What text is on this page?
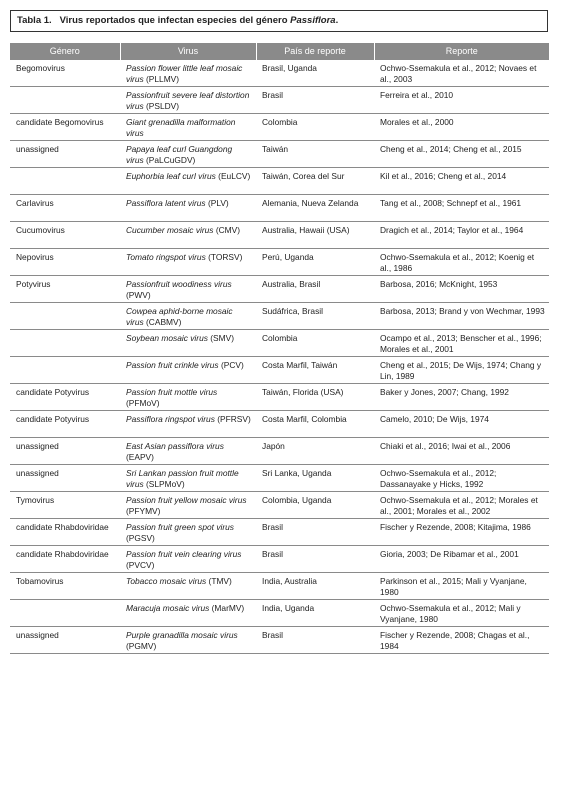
Tabla 1. Virus reportados que infectan especies del género Passiflora.
Género	Virus	País de reporte	Reporte
Begomovirus	Passion flower little leaf mosaic virus (PLLMV)	Brasil, Uganda	Ochwo-Ssemakula et al., 2012; Novaes et al., 2003
	Passionfruit severe leaf distortion virus (PSLDV)	Brasil	Ferreira et al., 2010
candidate Begomovirus	Giant grenadilla malformation virus	Colombia	Morales et al., 2000
unassigned	Papaya leaf curl Guangdong virus (PaLCuGDV)	Taiwán	Cheng et al., 2014; Cheng et al., 2015
	Euphorbia leaf curl virus (EuLCV)	Taiwán, Corea del Sur	Kil et al., 2016; Cheng et al., 2014
Carlavirus	Passiflora latent virus (PLV)	Alemania, Nueva Zelanda	Tang et al., 2008; Schnepf et al., 1961
Cucumovirus	Cucumber mosaic virus (CMV)	Australia, Hawaii (USA)	Dragich et al., 2014; Taylor et al., 1964
Nepovirus	Tomato ringspot virus (TORSV)	Perú, Uganda	Ochwo-Ssemakula et al., 2012; Koenig et al., 1986
Potyvirus	Passionfruit woodiness virus (PWV)	Australia, Brasil	Barbosa, 2016; McKnight, 1953
	Cowpea aphid-borne mosaic virus (CABMV)	Sudáfrica, Brasil	Barbosa, 2013; Brand y von Wechmar, 1993
	Soybean mosaic virus (SMV)	Colombia	Ocampo et al., 2013; Benscher et al., 1996; Morales et al., 2001
	Passion fruit crinkle virus (PCV)	Costa Marfil, Taiwán	Cheng et al., 2015; De Wijs, 1974; Chang y Lin, 1989
candidate Potyvirus	Passion fruit mottle virus (PFMoV)	Taiwán, Florida (USA)	Baker y Jones, 2007; Chang, 1992
candidate Potyvirus	Passiflora ringspot virus (PFRSV)	Costa Marfil, Colombia	Camelo, 2010; De Wijs, 1974
unassigned	East Asian passiflora virus (EAPV)	Japón	Chiaki et al., 2016; Iwai et al., 2006
unassigned	Sri Lankan passion fruit mottle virus (SLPMoV)	Sri Lanka, Uganda	Ochwo-Ssemakula et al., 2012; Dassanayake y Hicks, 1992
Tymovirus	Passion fruit yellow mosaic virus (PFYMV)	Colombia, Uganda	Ochwo-Ssemakula et al., 2012; Morales et al., 2001; Morales et al., 2002
candidate Rhabdoviridae	Passion fruit green spot virus (PGSV)	Brasil	Fischer y Rezende, 2008; Kitajima, 1986
candidate Rhabdoviridae	Passion fruit vein clearing virus (PVCV)	Brasil	Gioria, 2003; De Ribamar et al., 2001
Tobamovirus	Tobacco mosaic virus (TMV)	India, Australia	Parkinson et al., 2015; Mali y Vyanjane, 1980
	Maracuja mosaic virus (MarMV)	India, Uganda	Ochwo-Ssemakula et al., 2012; Mali y Vyanjane, 1980
unassigned	Purple granadilla mosaic virus (PGMV)	Brasil	Fischer y Rezende, 2008; Chagas et al., 1984
